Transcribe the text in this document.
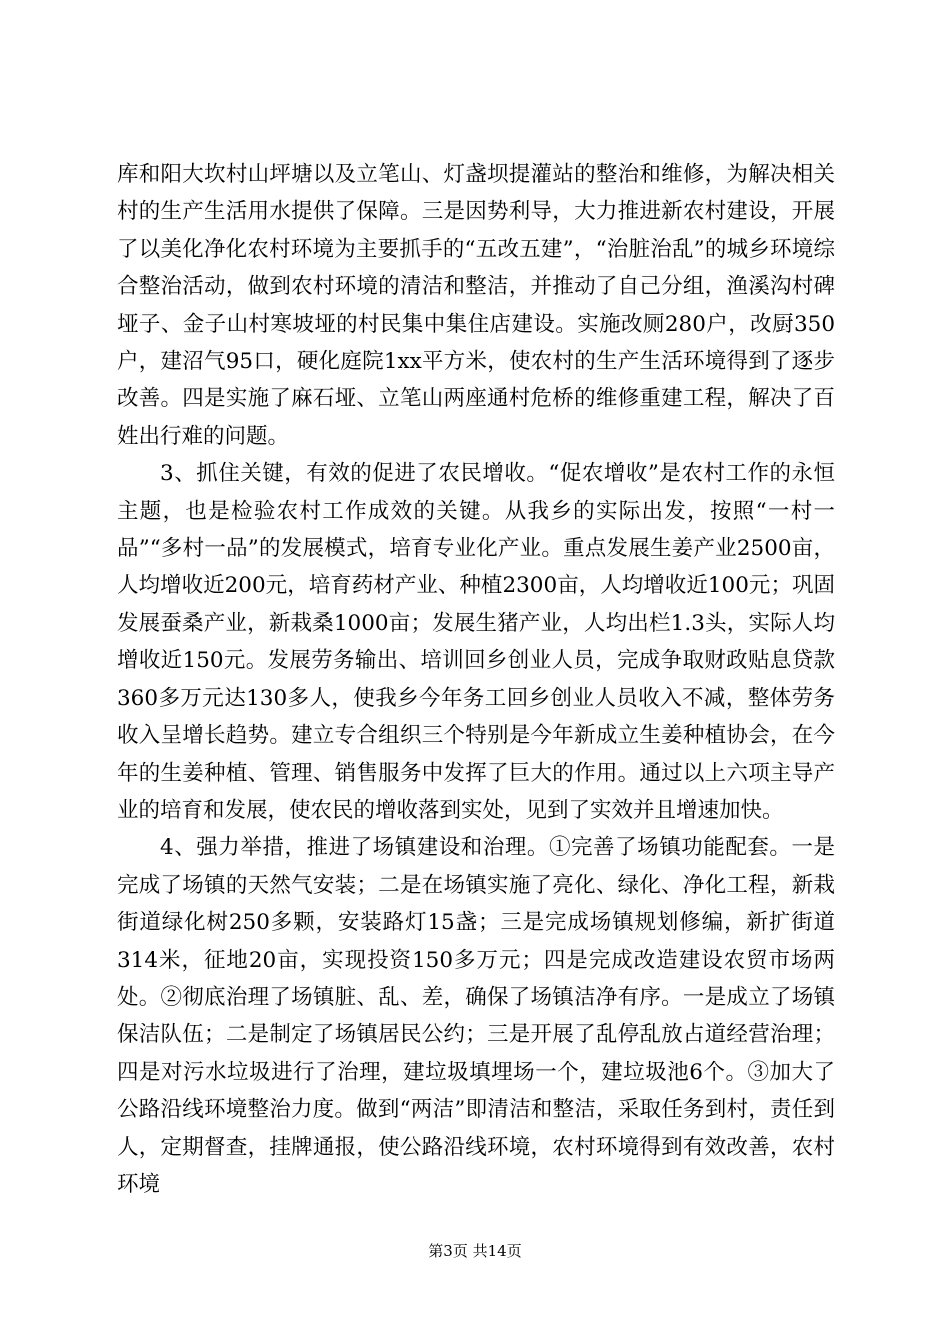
库和阳大坎村山坪塘以及立笔山、灯盏坝提灌站的整治和维修，为解决相关村的生产生活用水提供了保障。三是因势利导，大力推进新农村建设，开展了以美化净化农村环境为主要抓手的“五改五建”，“治脏治乱”的城乡环境综合整治活动，做到农村环境的清洁和整洁，并推动了自己分组，渔溪沟村碑垭子、金子山村寒坡垭的村民集中集住店建设。实施改厕280户，改厨350户，建沼气95口，硬化庭院1xx平方米，使农村的生产生活环境得到了逐步改善。四是实施了麻石垭、立笔山两座通村危桥的维修重建工程，解决了百姓出行难的问题。

3、抓住关键，有效的促进了农民增收。“促农增收”是农村工作的永恒主题，也是检验农村工作成效的关键。从我乡的实际出发，按照“一村一品”“多村一品”的发展模式，培育专业化产业。重点发展生姜产业2500亩，人均增收近200元，培育药材产业、种植2300亩，人均增收近100元；巩固发展蚕桑产业，新栽桑1000亩；发展生猪产业，人均出栏1.3头，实际人均增收近150元。发展劳务输出、培训回乡创业人员，完成争取财政贴息贷款360多万元达130多人，使我乡今年务工回乡创业人员收入不减，整体劳务收入呈增长趋势。建立专合组织三个特别是今年新成立生姜种植协会，在今年的生姜种植、管理、销售服务中发挥了巨大的作用。通过以上六项主导产业的培育和发展，使农民的增收落到实处，见到了实效并且增速加快。

4、强力举措，推进了场镇建设和治理。①完善了场镇功能配套。一是完成了场镇的天然气安装；二是在场镇实施了亮化、绿化、净化工程，新栽街道绿化树250多颗，安装路灯15盏；三是完成场镇规划修编，新扩街道314米，征地20亩，实现投资150多万元；四是完成改造建设农贸市场两处。②彻底治理了场镇脏、乱、差，确保了场镇洁净有序。一是成立了场镇保洁队伍；二是制定了场镇居民公约；三是开展了乱停乱放占道经营治理；四是对污水垃圾进行了治理，建垃圾填埋场一个，建垃圾池6个。③加大了公路沿线环境整治力度。做到“两洁”即清洁和整洁，采取任务到村，责任到人，定期督查，挂牌通报，使公路沿线环境，农村环境得到有效改善，农村环境

第3页 共14页
